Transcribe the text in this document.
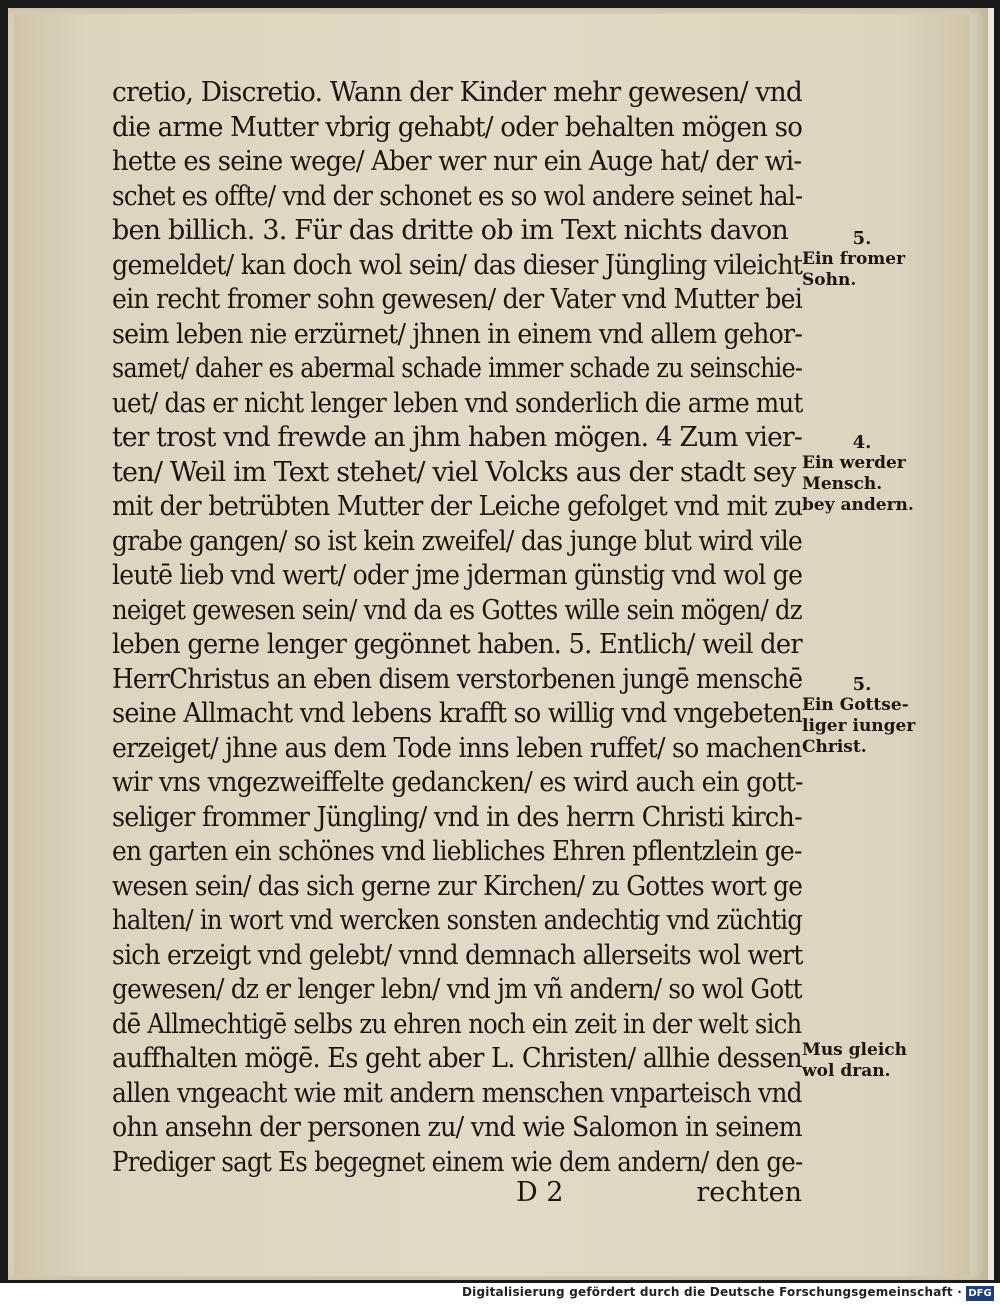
cretio, Discretio. Wann der Kinder mehr gewesen/ vnd
die arme Mutter vbrig gehabt/ oder behalten mögen so
hette es seine wege/ Aber wer nur ein Auge hat/ der wi-
schet es offte/ vnd der schonet es so wol andere seinet hal-
ben billich. 3. Für das dritte ob im Text nichts davon
gemeldet/ kan doch wol sein/ das dieser Jüngling vileicht
ein recht fromer sohn gewesen/ der Vater vnd Mutter bei
seim leben nie erzürnet/ jhnen in einem vnd allem gehor-
samet/ daher es abermal schade immer schade zu seinschie-
uet/ das er nicht lenger leben vnd sonderlich die arme mut
ter trost vnd frewde an jhm haben mögen. 4 Zum vier-
ten/ Weil im Text stehet/ viel Volcks aus der stadt sey
mit der betrübten Mutter der Leiche gefolget vnd mit zu
grabe gangen/ so ist kein zweifel/ das junge blut wird vile
leutē lieb vnd wert/ oder jme jderman günstig vnd wol ge
neiget gewesen sein/ vnd da es Gottes wille sein mögen/ dz
leben gerne lenger gegönnet haben. 5. Entlich/ weil der
HerrChristus an eben disem verstorbenen jungē menschē
seine Allmacht vnd lebens krafft so willig vnd vngebeten
erzeiget/ jhne aus dem Tode inns leben ruffet/ so machen
wir vns vngezweiffelte gedancken/ es wird auch ein gott-
seliger frommer Jüngling/ vnd in des herrn Christi kirch-
en garten ein schönes vnd liebliches Ehren pflentzlein ge-
wesen sein/ das sich gerne zur Kirchen/ zu Gottes wort ge
halten/ in wort vnd wercken sonsten andechtig vnd züchtig
sich erzeigt vnd gelebt/ vnnd demnach allerseits wol wert
gewesen/ dz er lenger lebn/ vnd jm vñ andern/ so wol Gott
dē Allmechtigē selbs zu ehren noch ein zeit in der welt sich
auffhalten mögē. Es geht aber L. Christen/ allhie dessen
allen vngeacht wie mit andern menschen vnparteisch vnd
ohn ansehn der personen zu/ vnd wie Salomon in seinem
Prediger sagt Es begegnet einem wie dem andern/ den ge-
D 2	rechten
5.
Ein fromer
Sohn.
4.
Ein werder
Mensch.
bey andern.
5.
Ein Gottse-
liger iunger
Christ.
Mus gleich
wol dran.
Digitalisierung gefördert durch die Deutsche Forschungsgemeinschaft · DFG
